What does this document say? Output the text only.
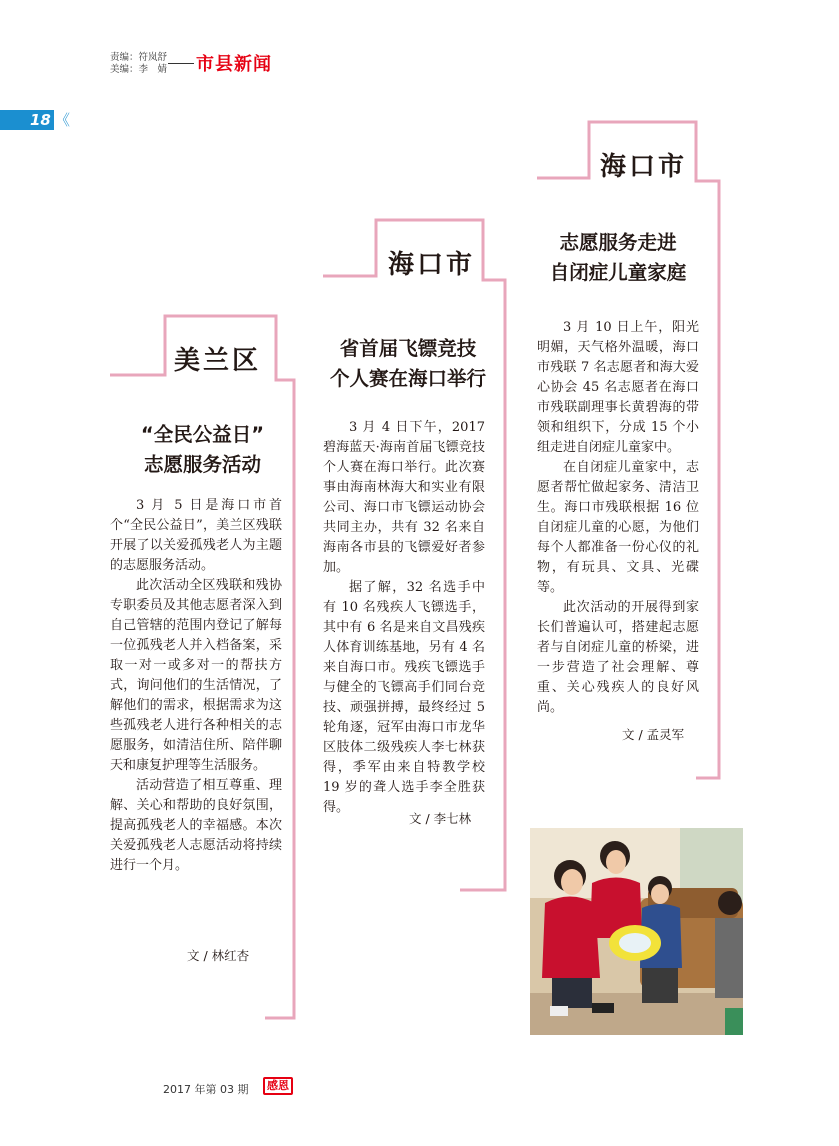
责编：符岚舒
美编：李　婧 市县新闻
18 《
美兰区
“全民公益日”
志愿服务活动

3 月 5 日是海口市首个“全民公益日”，美兰区残联开展了以关爱孤残老人为主题的志愿服务活动。

此次活动全区残联和残协专职委员及其他志愿者深入到自己管辖的范围内登记了解每一位孤残老人并入档备案，采取一对一或多对一的帮扶方式，询问他们的生活情况，了解他们的需求，根据需求为这些孤残老人进行各种相关的志愿服务，如清洁住所、陪伴聊天和康复护理等生活服务。

活动营造了相互尊重、理解、关心和帮助的良好氛围，提高孤残老人的幸福感。本次关爱孤残老人志愿活动将持续进行一个月。

文 / 林红杏
海口市
省首届飞镖竞技
个人赛在海口举行

3 月 4 日下午，2017 碧海蓝天·海南首届飞镖竞技个人赛在海口举行。此次赛事由海南林海大和实业有限公司、海口市飞镖运动协会共同主办，共有 32 名来自海南各市县的飞镖爱好者参加。

据了解，32 名选手中有 10 名残疾人飞镖选手，其中有 6 名是来自文昌残疾人体育训练基地，另有 4 名来自海口市。残疾飞镖选手与健全的飞镖高手们同台竞技、顽强拼搏，最终经过 5 轮角逐，冠军由海口市龙华区肢体二级残疾人李七林获得，季军由来自特教学校 19 岁的聋人选手李全胜获得。

文 / 李七林
海口市
志愿服务走进
自闭症儿童家庭

3 月 10 日上午，阳光明媚，天气格外温暖，海口市残联 7 名志愿者和海大爱心协会 45 名志愿者在海口市残联副理事长黄碧海的带领和组织下，分成 15 个小组走进自闭症儿童家中。

在自闭症儿童家中，志愿者帮忙做起家务、清洁卫生。海口市残联根据 16 位自闭症儿童的心愿，为他们每个人都准备一份心仪的礼物，有玩具、文具、光碟等。

此次活动的开展得到家长们普遍认可，搭建起志愿者与自闭症儿童的桥梁，进一步营造了社会理解、尊重、关心残疾人的良好风尚。

文 / 孟灵军
2017 年第 03 期	感恩
